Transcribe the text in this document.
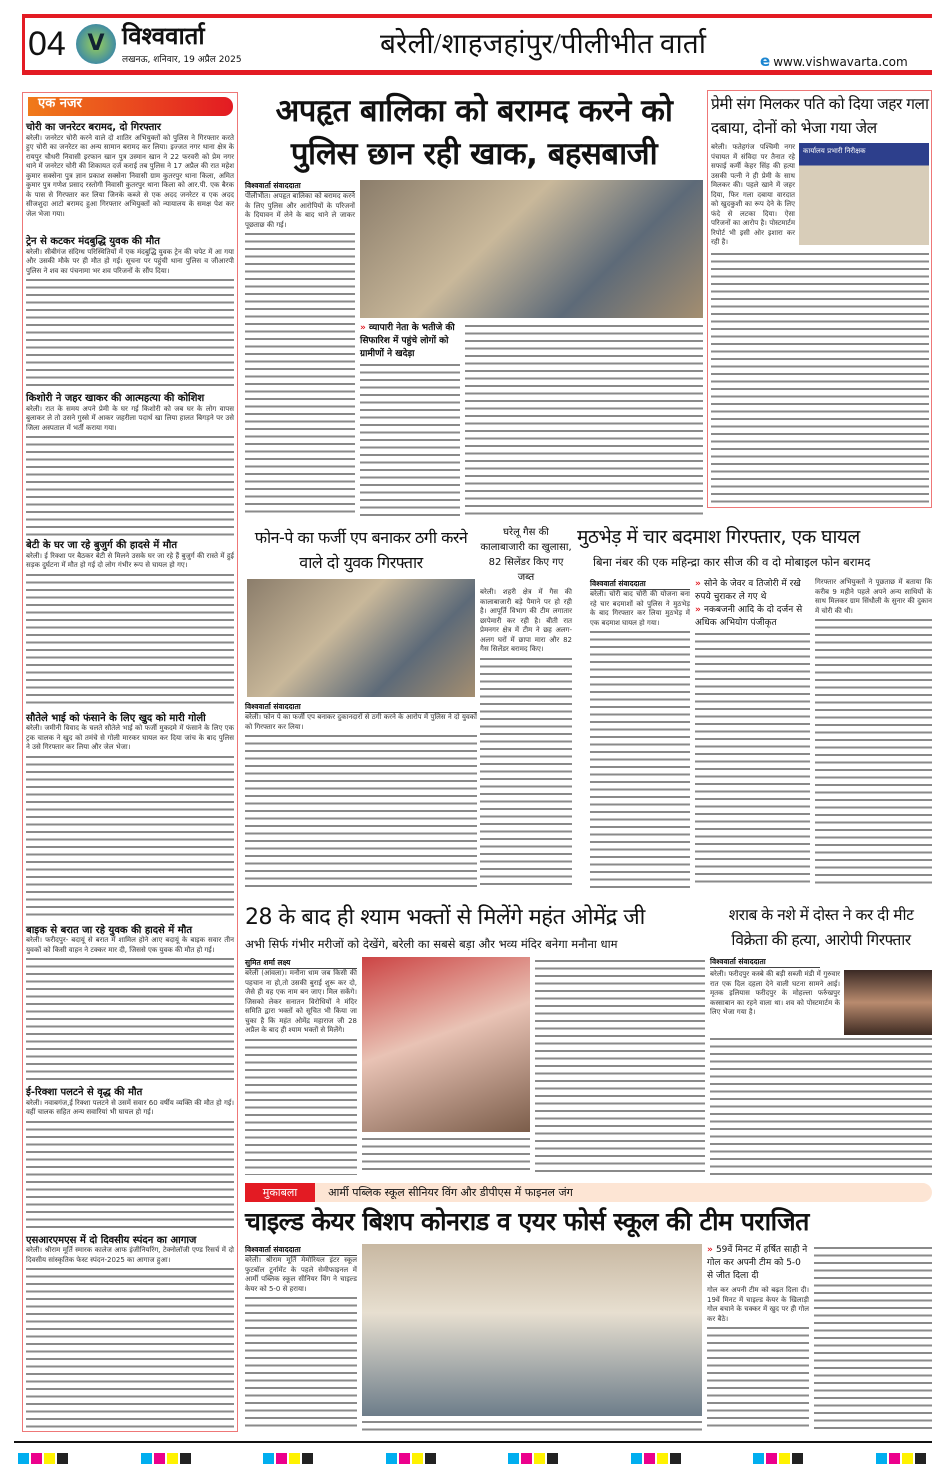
04 V विश्ववार्ता
लखनऊ, शनिवार, 19 अप्रैल 2025	बरेली/शाहजहांपुर/पीलीभीत वार्ता
e www.vishwavarta.com
एक नजर
चोरी का जनरेटर बरामद, दो गिरफ्तार
बरेली। जनरेटर चोरी करने वाले दो शातिर अभियुक्तों को पुलिस ने गिरफ्तार करते हुए चोरी का जनरेटर का अन्य सामान बरामद कर लिया। इज्जत नगर थाना क्षेत्र के रायपुर चौधरी निवासी इरफान खान पुत्र उस्मान खान ने 22 फरवरी को प्रेम नगर थाने में जनरेटर चोरी की शिकायत दर्ज कराई तब पुलिस ने 17 अप्रैल की रात महेश कुमार सक्सेना पुत्र ज्ञान प्रकाश सक्सेना निवासी ग्राम कुतरपुर थाना किला, अमित कुमार पुत्र गणेश प्रसाद रस्तोगी निवासी कुतरपुर थाना किला को आर.पी. एक बैरक के पास से गिरफ्तार कर लिया जिनके कब्जे से एक अदद जनरेटर व एक अदद सीजशुदा आटो बरामद हुआ गिरफ्तार अभियुक्तों को न्यायालय के समक्ष पेश कर जेल भेजा गया।
ट्रेन से कटकर मंदबुद्धि युवक की मौत
बरेली। सीबीगंज संदिग्ध परिस्थितियों में एक मंदबुद्धि युवक ट्रेन की चपेट में आ गया और उसकी मौके पर ही मौत हो गई। सूचना पर पहुंची थाना पुलिस व जीआरपी पुलिस ने शव का पंचनामा भर शव परिजनों के सौंप दिया।
किशोरी ने जहर खाकर की आत्महत्या की कोशिश
बरेली। रात के समय अपने प्रेमी के घर गई किशोरी को जब घर के लोग वापस बुलाकर ले तो उसने गुस्से में आकर जहरीला पदार्थ खा लिया हालत बिगड़ने पर उसे जिला अस्पताल में भर्ती कराया गया।
बेटी के घर जा रहे बुजुर्ग की हादसे में मौत
बरेली। ई रिक्शा पर बैठकर बेटी से मिलने उसके घर जा रहे हैं बुजुर्ग की रास्ते में हुई सड़क दुर्घटना में मौत हो गई दो लोग गंभीर रूप से घायल हो गए।
सौतेले भाई को फंसाने के लिए खुद को मारी गोली
बरेली। जमीनी विवाद के चलते सौतेले भाई को फर्जी मुकदमे में फंसाने के लिए एक ट्रक चालक ने खुद को तमंचे से गोली मारकर घायल कर दिया जांच के बाद पुलिस ने उसे गिरफ्तार कर लिया और जेल भेजा।
बाइक से बरात जा रहे युवक की हादसे में मौत
बरेली। फरीदपुर- बदायूं से बरात में शामिल होने आए बदायूं के बाइक सवार तीन युवकों को किसी वाहन ने टक्कर मार दी, जिससे एक युवक की मौत हो गई।
ई-रिक्शा पलटने से वृद्ध की मौत
बरेली। नवाबगंज,ई रिक्शा पलटने से उसमें सवार 60 वर्षीय व्यक्ति की मौत हो गई। वहीं चालक सहित अन्य सवारियां भी घायल हो गई।
एसआरएमएस में दो दिवसीय स्पंदन का आगाज
बरेली। श्रीराम मूर्ति स्मारक कालेज आफ इंजीनियरिंग, टेक्नोलॉजी एण्ड रिसर्च में दो दिवसीय सांस्कृतिक फेस्ट स्पंदन-2025 का आगाज हुआ।
अपहृत बालिका को बरामद करने को पुलिस छान रही खाक, बहसबाजी
विश्ववार्ता संवाददाता
पीलीभीत। अपहृत बालिका को बरामद करने के लिए पुलिस और आरोपियों के परिजनों के दियावन में लेने के बाद थाने ले जाकर पूछताछ की गई।
» व्यापारी नेता के भतीजे की सिफारिश में पहुंचे लोगों को ग्रामीणों ने खदेड़ा
प्रेमी संग मिलकर पति को दिया जहर गला दबाया, दोनों को भेजा गया जेल
कार्यालय प्रभारी निरीक्षक
बरेली। फतेहगंज पश्चिमी नगर पंचायत में संविदा पर तैनात रहे सफाई कर्मी केहर सिंह की हत्या उसकी पत्नी ने ही प्रेमी के साथ मिलकर की। पहले खाने में जहर दिया, फिर गला दबाया वारदात को खुदकुशी का रूप देने के लिए फंदे से लटका दिया। ऐसा परिजनों का आरोप है। पोस्टमार्टम रिपोर्ट भी इसी ओर इशारा कर रही है।
फोन-पे का फर्जी एप बनाकर ठगी करने वाले दो युवक गिरफ्तार
विश्ववार्ता संवाददाता
बरेली। फोन पे का फर्जी एप बनाकर दुकानदारों से ठगी करने के आरोप में पुलिस ने दो युवकों को गिरफ्तार कर लिया।
घरेलू गैस की कालाबाजारी का खुलासा, 82 सिलेंडर किए गए जब्त
बरेली। शहरी क्षेत्र में गैस की कालाबाजारी बड़े पैमाने पर हो रही है। आपूर्ति विभाग की टीम लगातार छापेमारी कर रही है। बीती रात प्रेमनगर क्षेत्र में टीम ने छह अलग-अलग घरों में छापा मारा और 82 गैस सिलेंडर बरामद किए।
मुठभेड़ में चार बदमाश गिरफ्तार, एक घायल
बिना नंबर की एक महिन्द्रा कार सीज की व दो मोबाइल फोन बरामद
विश्ववार्ता संवाददाता
बरेली। चोरी बाद चोरी की योजना बना रहे चार बदमाशों को पुलिस ने मुठभेड़ के बाद गिरफ्तार कर लिया मुठभेड़ में एक बदमाश घायल हो गया।
» सोने के जेवर व तिजोरी में रखे रुपये चुराकर ले गए थे
» नकबजनी आदि के दो दर्जन से अधिक अभियोग पंजीकृत
गिरफ्तार अभियुक्तों ने पूछताछ में बताया कि करीब 9 महीने पहले अपने अन्य साथियों के साथ मिलकर ग्राम सिंधौली के सुनार की दुकान में चोरी की थी।
28 के बाद ही श्याम भक्तों से मिलेंगे महंत ओमेंद्र जी
अभी सिर्फ गंभीर मरीजों को देखेंगे, बरेली का सबसे बड़ा और भव्य मंदिर बनेगा मनौना धाम
सुमित शर्मा लक्ष्य
बरेली (आंवला)। मनौना धाम जब किसी की पहचान ना हो,तो उसकी बुराई शुरू कर दो, जैसे ही वह एक नाम बन जाए। मिल सकेंगे। जिसको लेकर सनातन विरोधियों ने मंदिर समिति द्वारा भक्तों को सूचित भी किया जा चुका है कि महंत ओमेंद्र महाराज जी 28 अप्रैल के बाद ही श्याम भक्तों से मिलेंगे।
शराब के नशे में दोस्त ने कर दी मीट विक्रेता की हत्या, आरोपी गिरफ्तार
विश्ववार्ता संवाददाता
बरेली। फरीदपुर कस्बे की बड़ी सब्जी मंडी में गुरुवार रात एक दिल दहला देने वाली घटना सामने आई। मृतक इलियास फरीदपुर के मोहल्ला फर्रुखपुर कस्साबान का रहने वाला था। शव को पोस्टमार्टम के लिए भेजा गया है।
मुकाबला	$^{आर्मी पब्लिक स्कूल सीनियर विंग और डीपीएस में फाइनल जंग}$
चाइल्ड केयर बिशप कोनराड व एयर फोर्स स्कूल की टीम पराजित
विश्ववार्ता संवाददाता
बरेली। श्रीराम मूर्ति मेमोरियल इंटर स्कूल फुटबॉल टूर्नामेंट के पहले सेमीफाइनल में आर्मी पब्लिक स्कूल सीनियर विंग ने चाइल्ड केयर को 5-0 से हराया।
» 59वें मिनट में हर्षित साही ने गोल कर अपनी टीम को 5-0 से जीत दिला दी
गोल कर अपनी टीम को बढ़त दिला दी। 19वें मिनट में चाइल्ड केयर के खिलाड़ी गोल बचाने के चक्कर में खुद पर ही गोल कर बैठे।
